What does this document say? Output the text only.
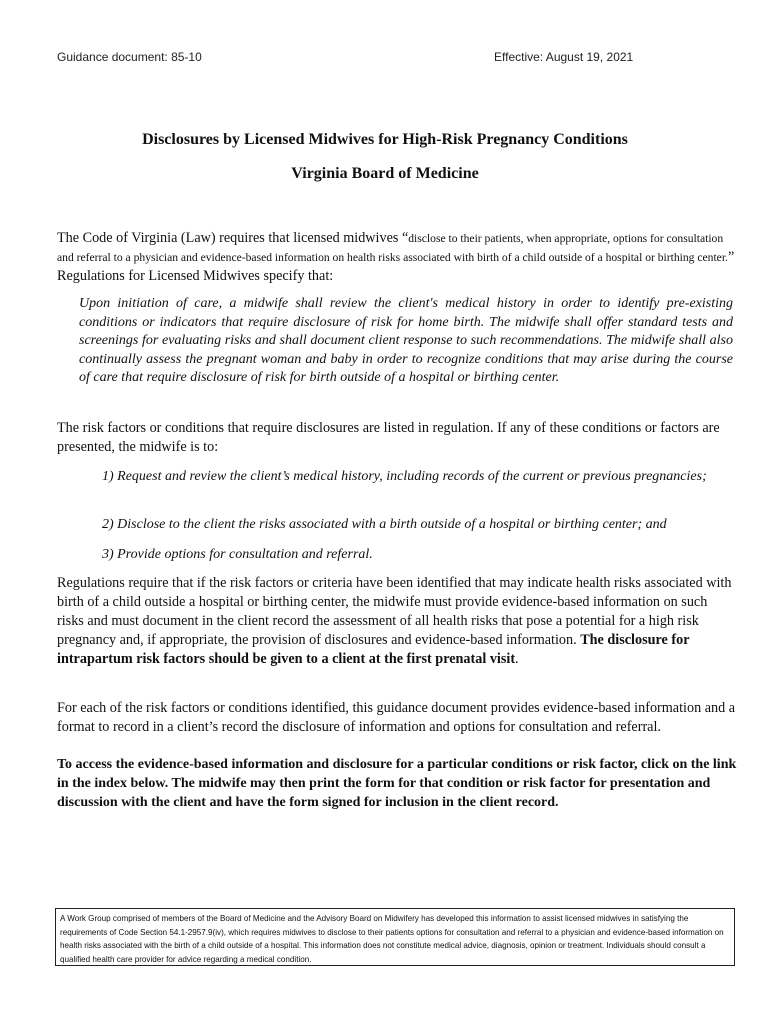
Guidance document: 85-10	Effective: August 19, 2021
Disclosures by Licensed Midwives for High-Risk Pregnancy Conditions
Virginia Board of Medicine
The Code of Virginia (Law) requires that licensed midwives “disclose to their patients, when appropriate, options for consultation and referral to a physician and evidence-based information on health risks associated with birth of a child outside of a hospital or birthing center.” Regulations for Licensed Midwives specify that:
Upon initiation of care, a midwife shall review the client's medical history in order to identify pre-existing conditions or indicators that require disclosure of risk for home birth. The midwife shall offer standard tests and screenings for evaluating risks and shall document client response to such recommendations. The midwife shall also continually assess the pregnant woman and baby in order to recognize conditions that may arise during the course of care that require disclosure of risk for birth outside of a hospital or birthing center.
The risk factors or conditions that require disclosures are listed in regulation. If any of these conditions or factors are presented, the midwife is to:
1) Request and review the client’s medical history, including records of the current or previous pregnancies;
2) Disclose to the client the risks associated with a birth outside of a hospital or birthing center; and
3) Provide options for consultation and referral.
Regulations require that if the risk factors or criteria have been identified that may indicate health risks associated with birth of a child outside a hospital or birthing center, the midwife must provide evidence-based information on such risks and must document in the client record the assessment of all health risks that pose a potential for a high risk pregnancy and, if appropriate, the provision of disclosures and evidence-based information. The disclosure for intrapartum risk factors should be given to a client at the first prenatal visit.
For each of the risk factors or conditions identified, this guidance document provides evidence-based information and a format to record in a client’s record the disclosure of information and options for consultation and referral.
To access the evidence-based information and disclosure for a particular conditions or risk factor, click on the link in the index below. The midwife may then print the form for that condition or risk factor for presentation and discussion with the client and have the form signed for inclusion in the client record.
A Work Group comprised of members of the Board of Medicine and the Advisory Board on Midwifery has developed this information to assist licensed midwives in satisfying the requirements of Code Section 54.1-2957.9(iv), which requires midwives to disclose to their patients options for consultation and referral to a physician and evidence-based information on health risks associated with the birth of a child outside of a hospital. This information does not constitute medical advice, diagnosis, opinion or treatment. Individuals should consult a qualified health care provider for advice regarding a medical condition.
